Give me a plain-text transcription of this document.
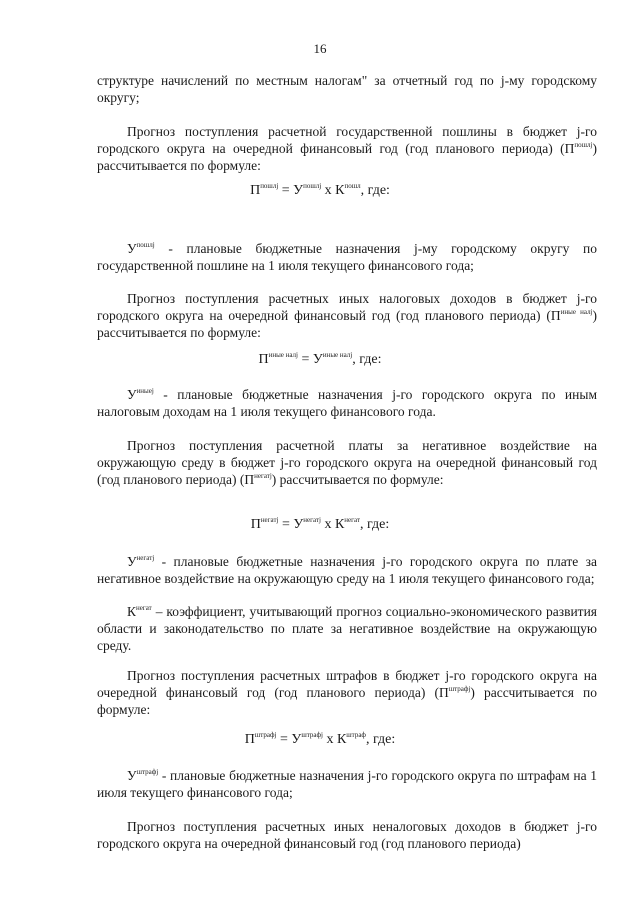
16
структуре начислений по местным налогам" за отчетный год по j-му городскому округу;
Прогноз поступления расчетной государственной пошлины в бюджет j-го городского округа на очередной финансовый год (год планового периода) $(П^{пошлj})$ рассчитывается по формуле:
$П^{пошлj} = У^{пошлj}$ х $К^{пошл}$, где:
$У^{пошлj}$ - плановые бюджетные назначения j-му городскому округу по государственной пошлине на 1 июля текущего финансового года;
Прогноз поступления расчетных иных налоговых доходов в бюджет j-го городского округа на очередной финансовый год (год планового периода) $(П^{иные налj})$ рассчитывается по формуле:
$П^{иные налj} = У^{иные налj}$, где:
$У^{иныеj}$ - плановые бюджетные назначения j-го городского округа по иным налоговым доходам на 1 июля текущего финансового года.
Прогноз поступления расчетной платы за негативное воздействие на окружающую среду в бюджет j-го городского округа на очередной финансовый год (год планового периода) $(П^{негатj})$ рассчитывается по формуле:
$П^{негатj} = У^{негатj}$ х $К^{негат}$, где:
$У^{негатj}$ - плановые бюджетные назначения j-го городского округа по плате за негативное воздействие на окружающую среду на 1 июля текущего финансового года;
$К^{негат}$ – коэффициент, учитывающий прогноз социально-экономического развития области и законодательство по плате за негативное воздействие на окружающую среду.
Прогноз поступления расчетных штрафов в бюджет j-го городского округа на очередной финансовый год (год планового периода) $(П^{штрафj})$ рассчитывается по формуле:
$П^{штрафj} = У^{штрафj}$ х $К^{штраф}$, где:
$У^{штрафj}$ - плановые бюджетные назначения j-го городского округа по штрафам на 1 июля текущего финансового года;
Прогноз поступления расчетных иных неналоговых доходов в бюджет j-го городского округа на очередной финансовый год (год планового периода)
